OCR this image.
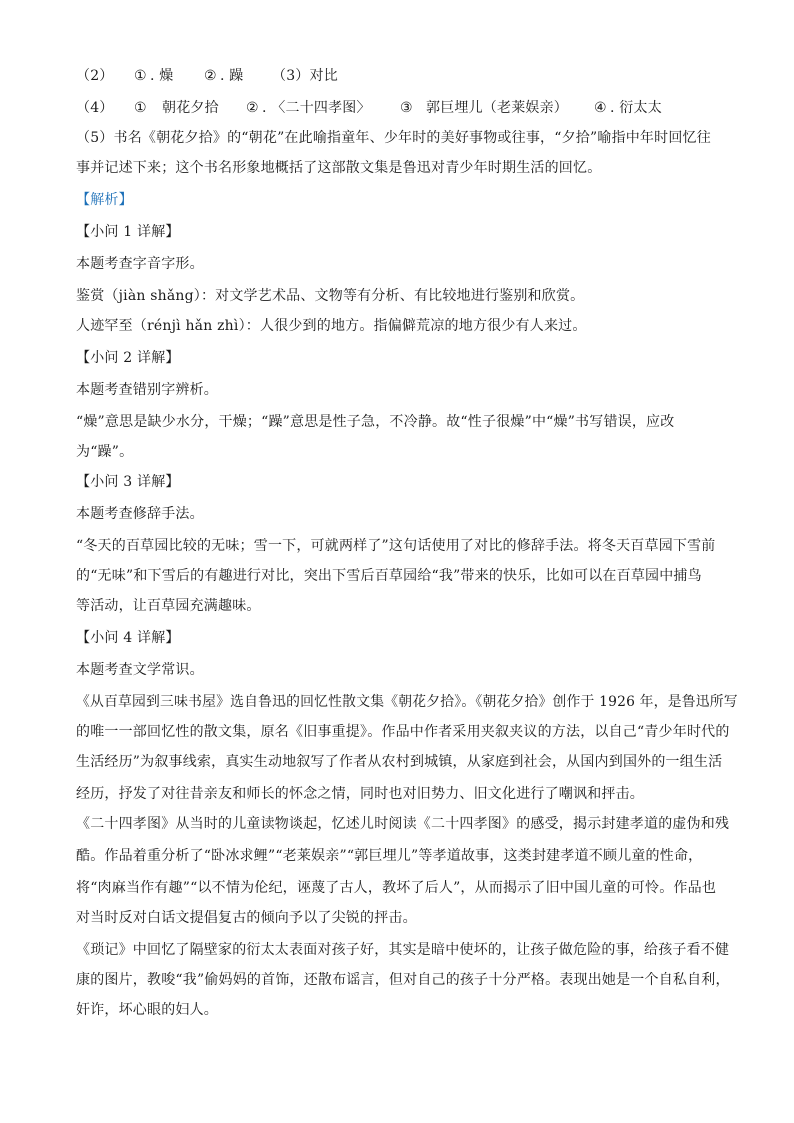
（2） ① . 燥 ② . 躁 （3）对比
（4） ① 朝花夕拾 ② . 〈二十四孝图〉 ③ 郭巨埋儿（老莱娱亲） ④ . 衍太太
（5）书名《朝花夕拾》的“朝花”在此喻指童年、少年时的美好事物或往事，“夕拾”喻指中年时回忆往
事并记述下来；这个书名形象地概括了这部散文集是鲁迅对青少年时期生活的回忆。
【解析】
【小问 1 详解】
本题考查字音字形。
鉴赏（jiàn shǎng）：对文学艺术品、文物等有分析、有比较地进行鉴别和欣赏。
人迹罕至（rénjì hǎn zhì）：人很少到的地方。指偏僻荒凉的地方很少有人来过。
【小问 2 详解】
本题考查错别字辨析。
“燥”意思是缺少水分，干燥；“躁”意思是性子急，不冷静。故“性子很燥”中“燥”书写错误，应改
为“躁”。
【小问 3 详解】
本题考查修辞手法。
“冬天的百草园比较的无味；雪一下，可就两样了”这句话使用了对比的修辞手法。将冬天百草园下雪前
的“无味”和下雪后的有趣进行对比，突出下雪后百草园给“我”带来的快乐，比如可以在百草园中捕鸟
等活动，让百草园充满趣味。
【小问 4 详解】
本题考查文学常识。
《从百草园到三味书屋》选自鲁迅的回忆性散文集《朝花夕拾》。《朝花夕拾》创作于 1926 年，是鲁迅所写
的唯一一部回忆性的散文集，原名《旧事重提》。作品中作者采用夹叙夹议的方法，以自己“青少年时代的
生活经历”为叙事线索，真实生动地叙写了作者从农村到城镇，从家庭到社会，从国内到国外的一组生活
经历，抒发了对往昔亲友和师长的怀念之情，同时也对旧势力、旧文化进行了嘲讽和抨击。
《二十四孝图》从当时的儿童读物谈起，忆述儿时阅读《二十四孝图》的感受，揭示封建孝道的虚伪和残
酷。作品着重分析了“卧冰求鲤”“老莱娱亲”“郭巨埋儿”等孝道故事，这类封建孝道不顾儿童的性命，
将“肉麻当作有趣”“以不情为伦纪，诬蔑了古人，教坏了后人”，从而揭示了旧中国儿童的可怜。作品也
对当时反对白话文提倡复古的倾向予以了尖锐的抨击。
《琐记》中回忆了隔壁家的衍太太表面对孩子好，其实是暗中使坏的，让孩子做危险的事，给孩子看不健
康的图片，教唆“我”偷妈妈的首饰，还散布谣言，但对自己的孩子十分严格。表现出她是一个自私自利，
奸诈，坏心眼的妇人。
